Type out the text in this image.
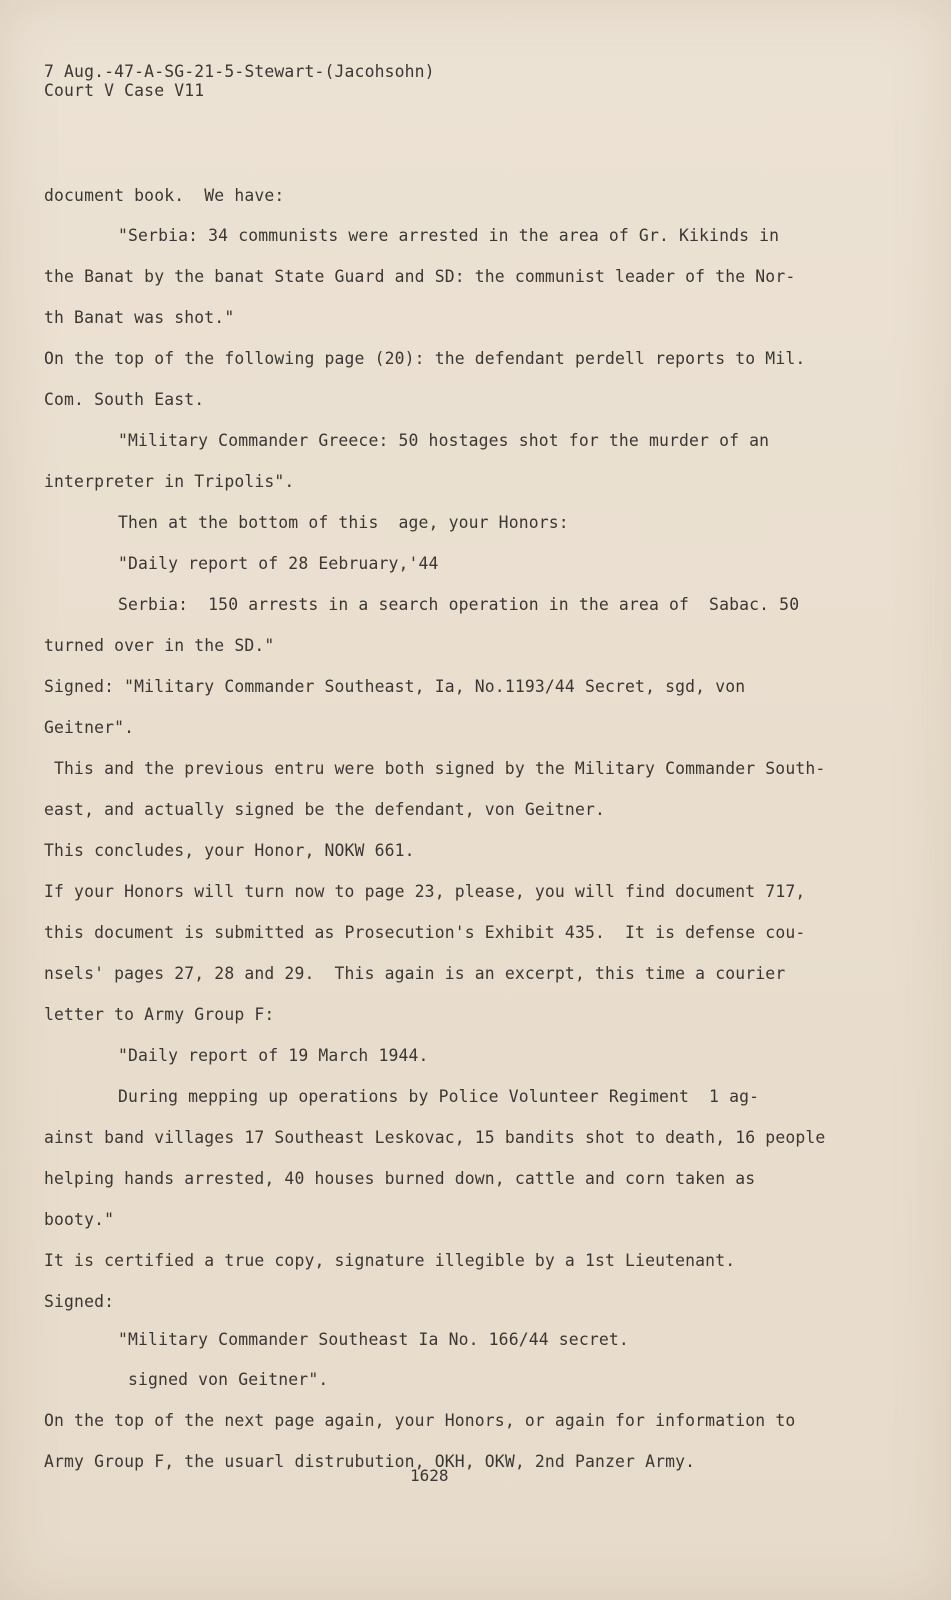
7 Aug.-47-A-SG-21-5-Stewart-(Jacohsohn)
Court V Case V11
document book.  We have:
"Serbia: 34 communists were arrested in the area of Gr. Kikinds in
the Banat by the banat State Guard and SD: the communist leader of the Nor-
th Banat was shot."
On the top of the following page (20): the defendant perdell reports to Mil.
Com. South East.
"Military Commander Greece: 50 hostages shot for the murder of an
interpreter in Tripolis".
Then at the bottom of this  age, your Honors:
"Daily report of 28 Eebruary,'44
Serbia:  150 arrests in a search operation in the area of  Sabac. 50
turned over in the SD."
Signed: "Military Commander Southeast, Ia, No.1193/44 Secret, sgd, von
Geitner".
This and the previous entru were both signed by the Military Commander South-
east, and actually signed be the defendant, von Geitner.
This concludes, your Honor, NOKW 661.
If your Honors will turn now to page 23, please, you will find document 717,
this document is submitted as Prosecution's Exhibit 435.  It is defense cou-
nsels' pages 27, 28 and 29.  This again is an excerpt, this time a courier
letter to Army Group F:
"Daily report of 19 March 1944.
During mepping up operations by Police Volunteer Regiment  1 ag-
ainst band villages 17 Southeast Leskovac, 15 bandits shot to death, 16 people
helping hands arrested, 40 houses burned down, cattle and corn taken as
booty."
It is certified a true copy, signature illegible by a 1st Lieutenant.
Signed:
"Military Commander Southeast Ia No. 166/44 secret.
signed von Geitner".
On the top of the next page again, your Honors, or again for information to
Army Group F, the usuarl distrubution, OKH, OKW, 2nd Panzer Army.
1628
